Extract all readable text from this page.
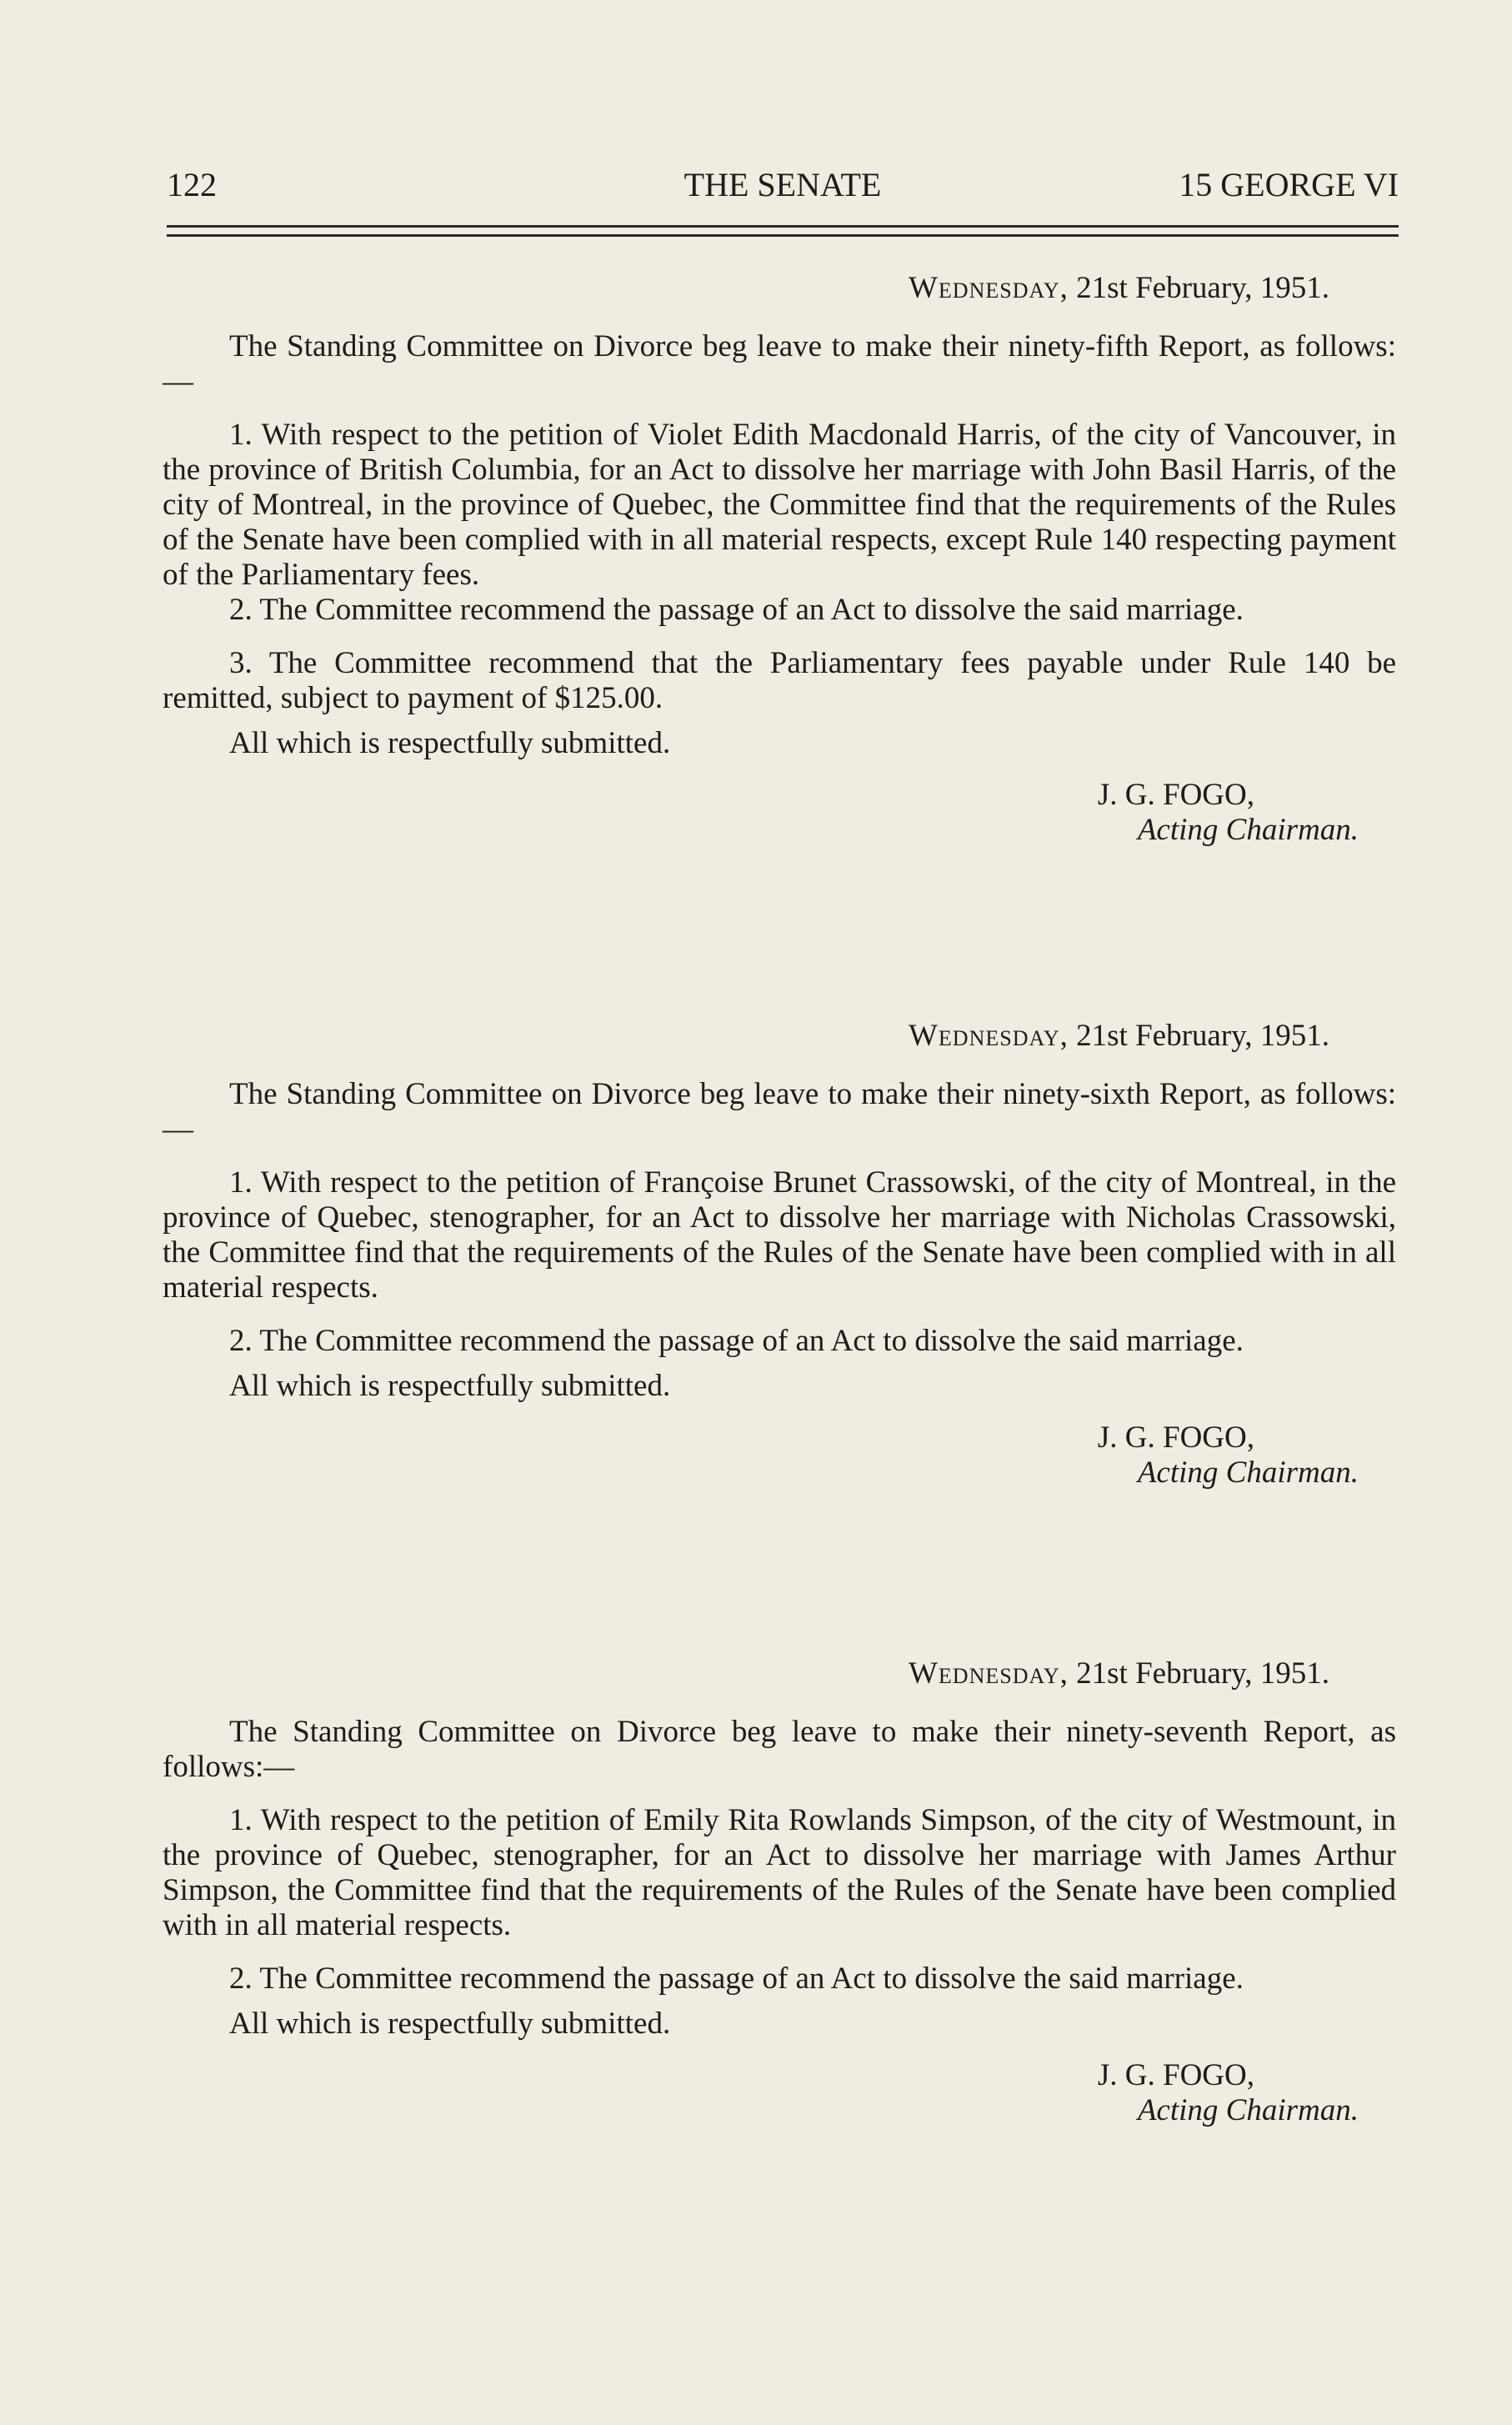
122	THE SENATE	15 GEORGE VI
Wednesday, 21st February, 1951.

The Standing Committee on Divorce beg leave to make their ninety-fifth Report, as follows:—

1. With respect to the petition of Violet Edith Macdonald Harris, of the city of Vancouver, in the province of British Columbia, for an Act to dissolve her marriage with John Basil Harris, of the city of Montreal, in the province of Quebec, the Committee find that the requirements of the Rules of the Senate have been complied with in all material respects, except Rule 140 respecting payment of the Parliamentary fees.

2. The Committee recommend the passage of an Act to dissolve the said marriage.

3. The Committee recommend that the Parliamentary fees payable under Rule 140 be remitted, subject to payment of $125.00.

All which is respectfully submitted.

J. G. FOGO,
Acting Chairman.
Wednesday, 21st February, 1951.

The Standing Committee on Divorce beg leave to make their ninety-sixth Report, as follows:—

1. With respect to the petition of Françoise Brunet Crassowski, of the city of Montreal, in the province of Quebec, stenographer, for an Act to dissolve her marriage with Nicholas Crassowski, the Committee find that the requirements of the Rules of the Senate have been complied with in all material respects.

2. The Committee recommend the passage of an Act to dissolve the said marriage.

All which is respectfully submitted.

J. G. FOGO,
Acting Chairman.
Wednesday, 21st February, 1951.

The Standing Committee on Divorce beg leave to make their ninety-seventh Report, as follows:—

1. With respect to the petition of Emily Rita Rowlands Simpson, of the city of Westmount, in the province of Quebec, stenographer, for an Act to dissolve her marriage with James Arthur Simpson, the Committee find that the requirements of the Rules of the Senate have been complied with in all material respects.

2. The Committee recommend the passage of an Act to dissolve the said marriage.

All which is respectfully submitted.

J. G. FOGO,
Acting Chairman.
